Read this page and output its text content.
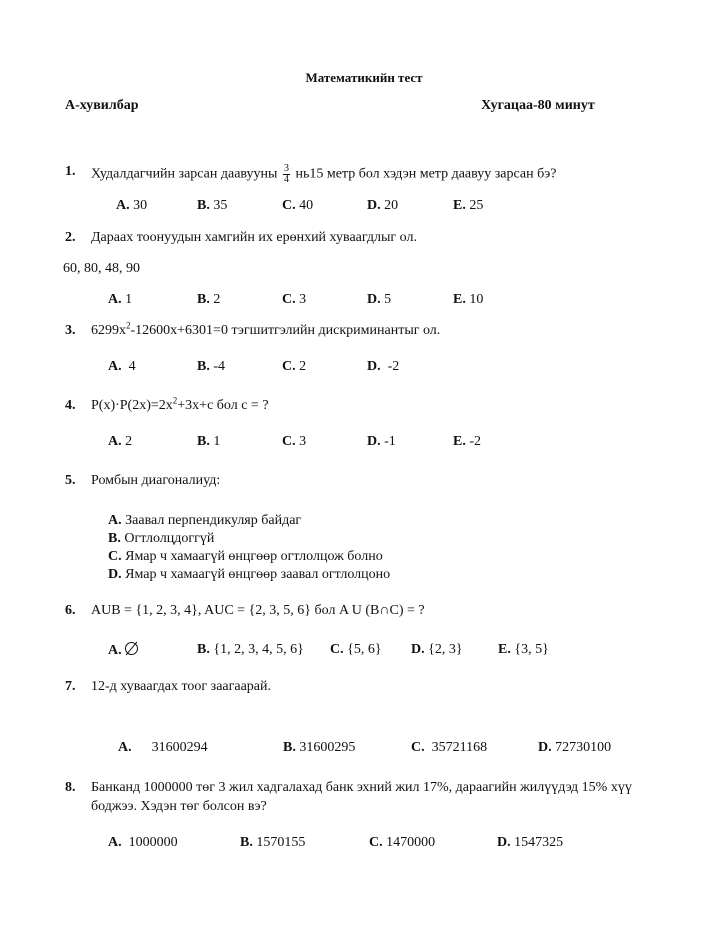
Математикийн тест
А-хувилбар	Хугацаа-80 минут
1. Худалдагчийн зарсан даавууны $\frac{3}{4} нь15$ метр бол хэдэн метр даавуу зарсан бэ?
A. 30	B. 35	C. 40	D. 20	E. 25
2. Дараах тоонуудын хамгийн их ерөнхий хуваагдлыг ол.
60, 80, 48, 90
A. 1	B. 2	C. 3	D. 5	E. 10
3. $6299x^2-12600x+6301=0$ тэгшитгэлийн дискриминантыг ол.
A. 4	B. -4	C. 2	D. -2
4. $P(x)\cdot P(2x)=2x^2+3x+c$ бол c = ?
A. 2	B. 1	C. 3	D. -1	E. -2
5. Ромбын диагоналиуд:
A. Заавал перпендикуляр байдаг
B. Огтлолцдоггүй
C. Ямар ч хамаагүй өнцгөөр огтлолцож болно
D. Ямар ч хамаагүй өнцгөөр заавал огтлолцоно
6. AUB = {1, 2, 3, 4}, AUC = {2, 3, 5, 6} бол A U (B∩C) = ?
A.	B. {1, 2, 3, 4, 5, 6} C. {5, 6} D. {2, 3}	E. {3, 5}
7. 12-д хуваагдах тоог заагаарай.
A. 31600294	B. 31600295	C. 35721168	D. 72730100
8. Банканд 1000000 төг 3 жил хадгалахад банк эхний жил 17%, дараагийн жилүүдэд 15% хүү
боджээ. Хэдэн төг болсон вэ?
A. 1000000	B. 1570155	C. 1470000	D. 1547325
